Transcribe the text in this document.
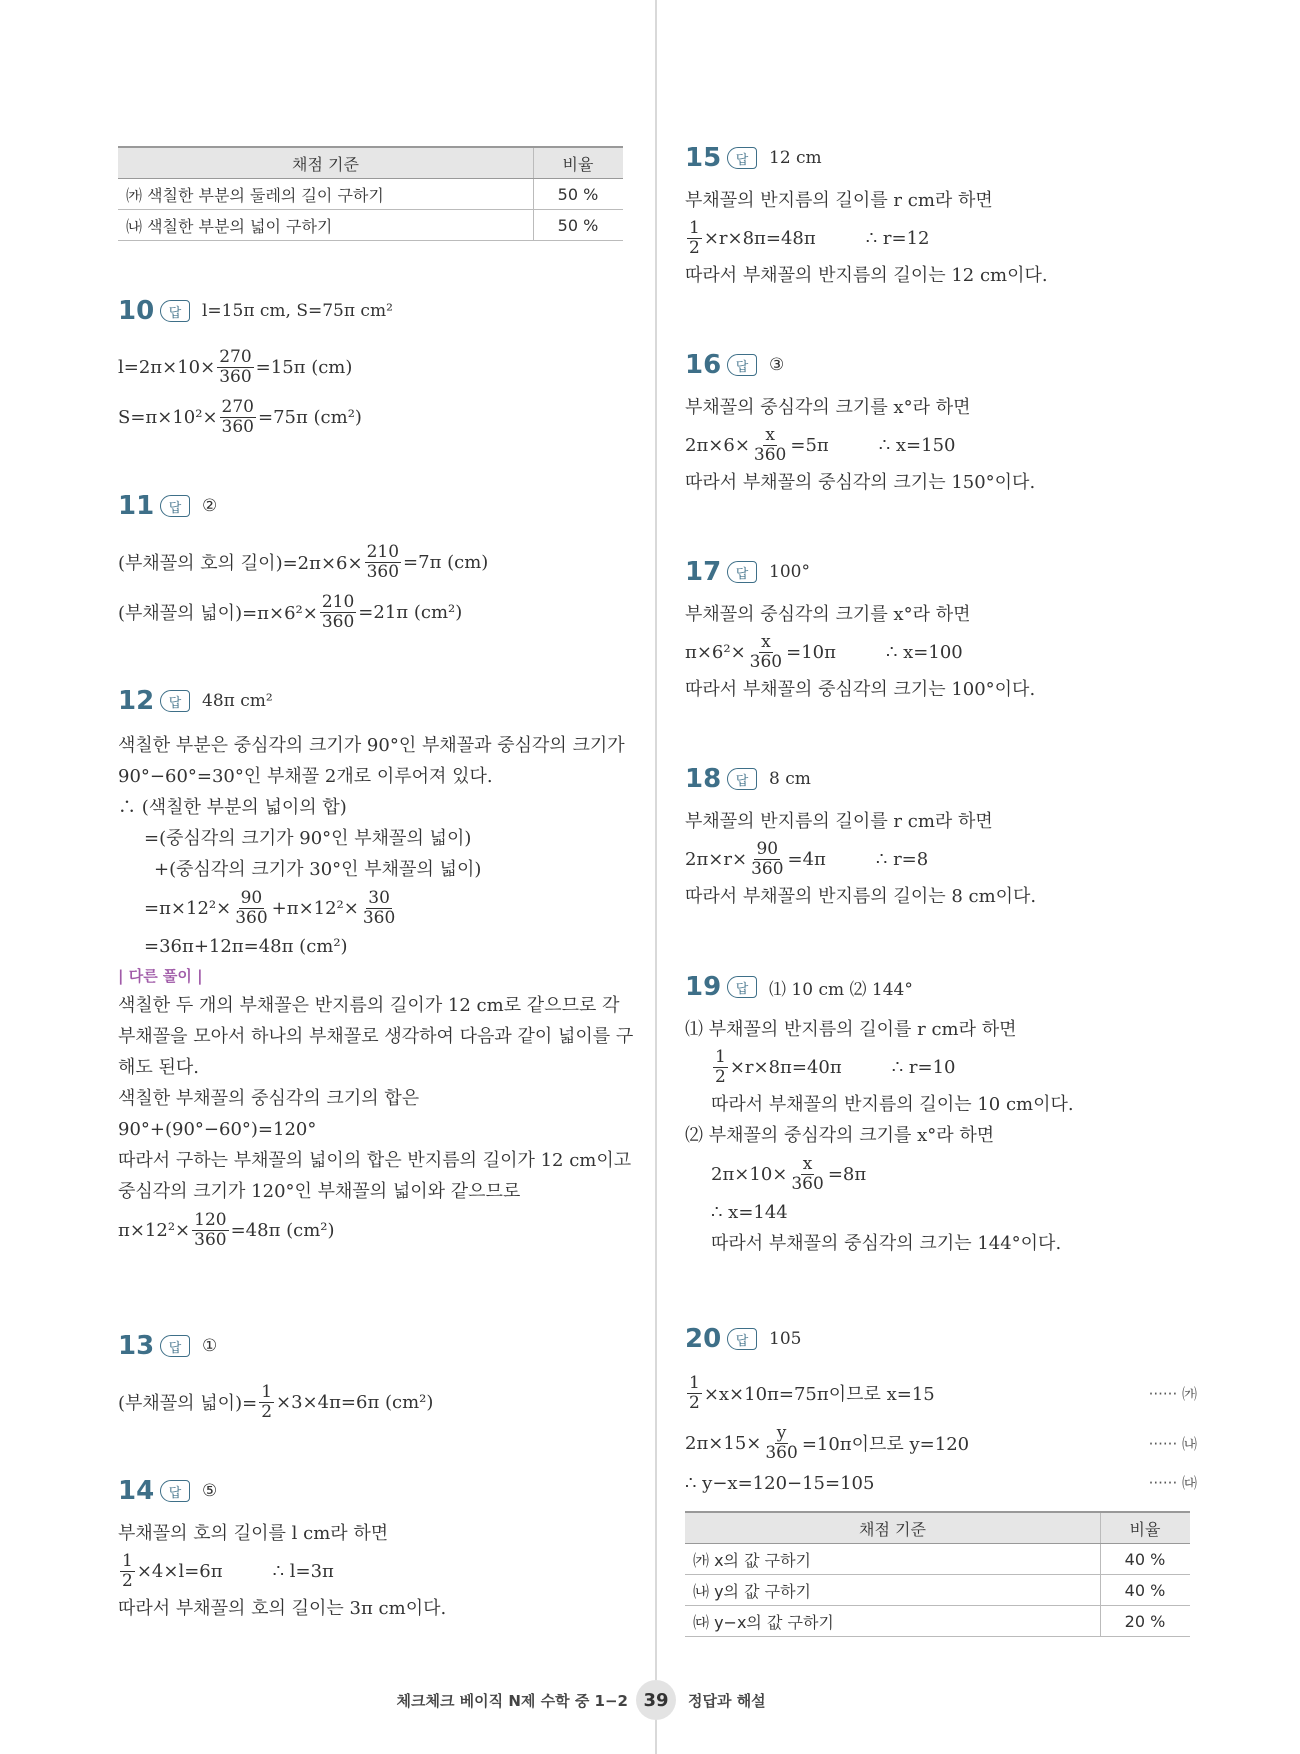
채점 기준	비율
㈎ 색칠한 부분의 둘레의 길이 구하기	50 %
㈏ 색칠한 부분의 넓이 구하기	50 %
10	답	l=15π cm, S=75π cm²
$l=2\pi\times 10\times \frac{270}{360} =15\pi$ (cm)
$S=\pi\times 10^2\times \frac{270}{360} =75\pi$ (cm²)
11	답	②
(부채꼴의 호의 길이)$=2\pi\times 6\times \frac{210}{360} =7\pi$ (cm)
(부채꼴의 넓이)$=\pi\times 6^2\times \frac{210}{360} =21\pi$ (cm²)
12	답	48π cm²
색칠한 부분은 중심각의 크기가 90°인 부채꼴과 중심각의 크기가
90°−60°=30°인 부채꼴 2개로 이루어져 있다.
∴ (색칠한 부분의 넓이의 합)
=(중심각의 크기가 90°인 부채꼴의 넓이)
+(중심각의 크기가 30°인 부채꼴의 넓이)
$=\pi\times 12^2\times \frac{90}{360} +\pi\times 12^2\times \frac{30}{360}$
=36π+12π=48π (cm²)
| 다른 풀이 |
색칠한 두 개의 부채꼴은 반지름의 길이가 12 cm로 같으므로 각
부채꼴을 모아서 하나의 부채꼴로 생각하여 다음과 같이 넓이를 구
해도 된다.
색칠한 부채꼴의 중심각의 크기의 합은
90°+(90°−60°)=120°
따라서 구하는 부채꼴의 넓이의 합은 반지름의 길이가 12 cm이고
중심각의 크기가 120°인 부채꼴의 넓이와 같으므로
$\pi\times 12^2\times \frac{120}{360} =48\pi$ (cm²)
13	답	①
(부채꼴의 넓이)= $\frac{1}{2} \times 3\times 4\pi=6\pi$ (cm²)
14	답	⑤
부채꼴의 호의 길이를 l cm라 하면
$\frac{1}{2} \times 4\times l=6\pi$	∴ l=3π
따라서 부채꼴의 호의 길이는 3π cm이다.
15	답	12 cm
부채꼴의 반지름의 길이를 r cm라 하면
$\frac{1}{2} \times r\times 8\pi=48\pi$	∴ r=12
따라서 부채꼴의 반지름의 길이는 12 cm이다.
16	답	③
부채꼴의 중심각의 크기를 x°라 하면
$2\pi\times 6\times \frac{x}{360} =5\pi$	∴ x=150
따라서 부채꼴의 중심각의 크기는 150°이다.
17	답	100°
부채꼴의 중심각의 크기를 x°라 하면
$\pi\times 6^2\times \frac{x}{360} =10\pi$	∴ x=100
따라서 부채꼴의 중심각의 크기는 100°이다.
18	답	8 cm
부채꼴의 반지름의 길이를 r cm라 하면
$2\pi\times r\times \frac{90}{360} =4\pi$	∴ r=8
따라서 부채꼴의 반지름의 길이는 8 cm이다.
19	답	⑴ 10 cm ⑵ 144°
⑴ 부채꼴의 반지름의 길이를 r cm라 하면
$\frac{1}{2} \times r\times 8\pi=40\pi$	∴ r=10
따라서 부채꼴의 반지름의 길이는 10 cm이다.
⑵ 부채꼴의 중심각의 크기를 x°라 하면
$2\pi\times 10\times \frac{x}{360} =8\pi$
∴ x=144
따라서 부채꼴의 중심각의 크기는 144°이다.
20	답	105
$\frac{1}{2} \times x\times 10\pi=75\pi$이므로 x=15	······ ㈎
$2\pi\times 15\times \frac{y}{360} =10\pi$이므로 y=120	······ ㈏
∴ y−x=120−15=105	······ ㈐
채점 기준	비율
㈎ x의 값 구하기	40 %
㈏ y의 값 구하기	40 %
㈐ y−x의 값 구하기	20 %
체크체크 베이직 N제 수학 중 1−2 39	정답과 해설
